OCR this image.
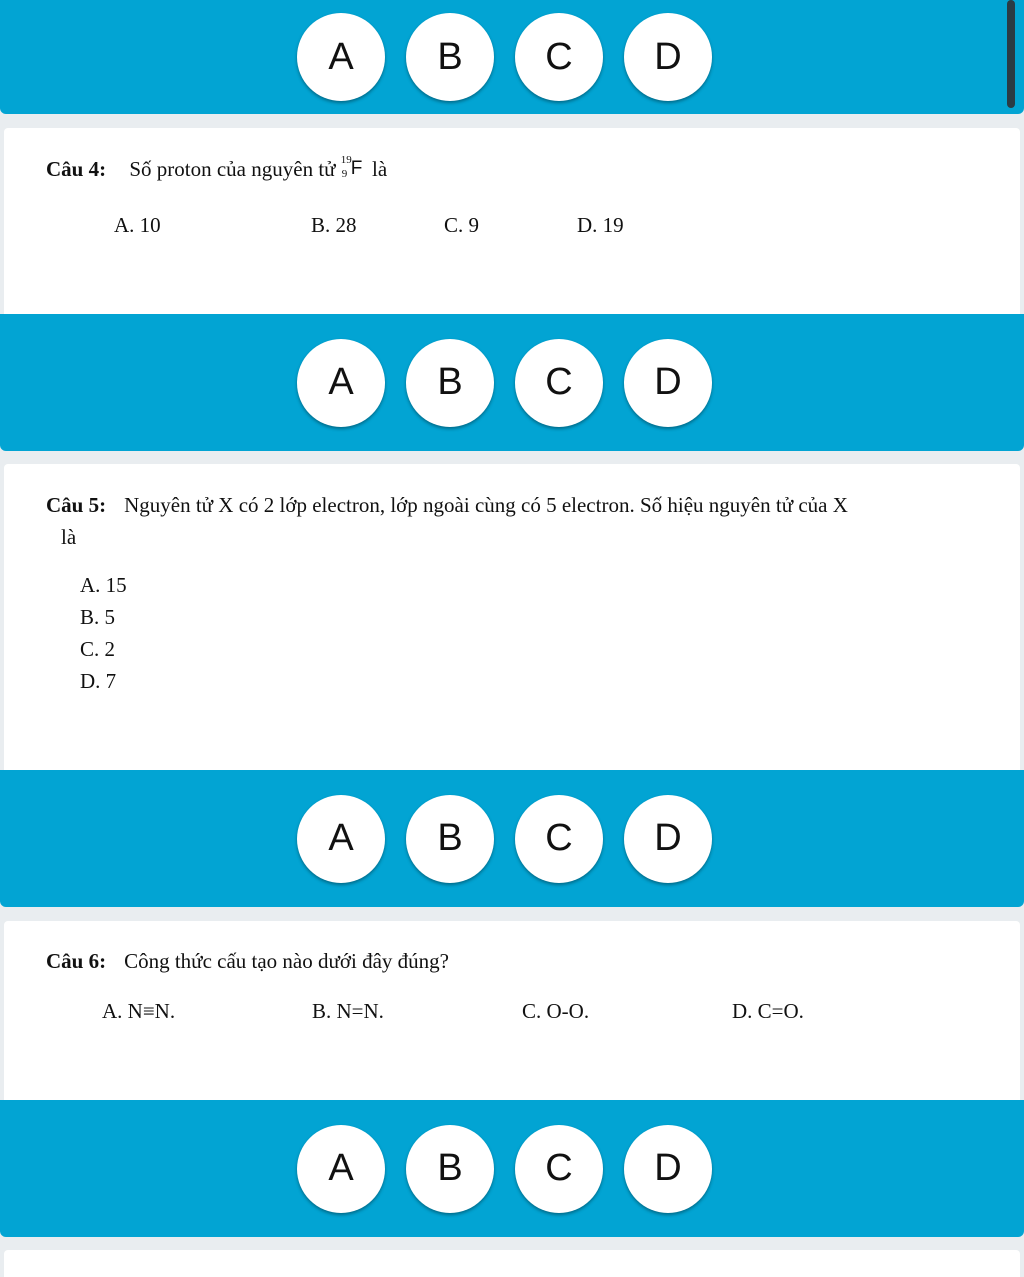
A	B	C	D
Câu 4: Số proton của nguyên tử 19
9 F là
A. 10	B. 28	C. 9	D. 19
A	B	C	D
Câu 5: Nguyên tử X có 2 lớp electron, lớp ngoài cùng có 5 electron. Số hiệu nguyên tử của X
là
A. 15
B. 5
C. 2
D. 7
A	B	C	D
Câu 6: Công thức cấu tạo nào dưới đây đúng?
A. N≡N.	B. N=N.	C. O-O.	D. C=O.
A	B	C	D
